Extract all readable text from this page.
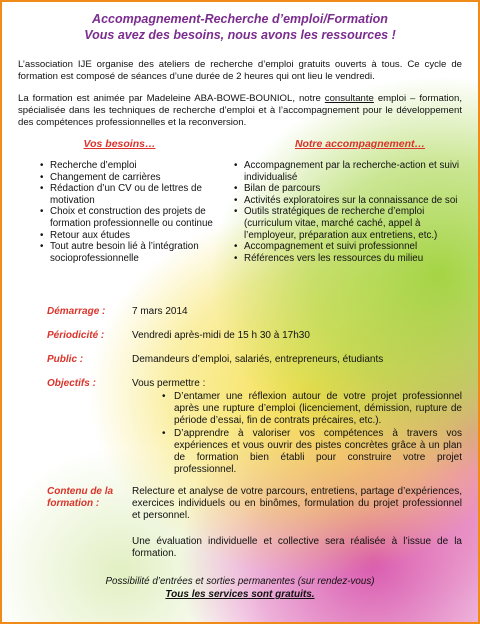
Accompagnement-Recherche d’emploi/Formation
Vous avez des besoins, nous avons les ressources !

L’association IJE organise des ateliers de recherche d’emploi gratuits ouverts à tous. Ce cycle de formation est composé de séances d’une durée de 2 heures qui ont lieu le vendredi.

La formation est animée par Madeleine ABA-BOWE-BOUNIOL, notre consultante emploi – formation, spécialisée dans les techniques de recherche d’emploi et à l’accompagnement pour le développement des compétences professionnelles et la reconversion.

Vos besoins…	Notre accompagnement…
• Recherche d’emploi
• Changement de carrières
• Rédaction d’un CV ou de lettres de motivation
• Choix et construction des projets de formation professionnelle ou continue
• Retour aux études
• Tout autre besoin lié à l’intégration socioprofessionnelle
• Accompagnement par la recherche-action et suivi individualisé
• Bilan de parcours
• Activités exploratoires sur la connaissance de soi
• Outils stratégiques de recherche d’emploi (curriculum vitae, marché caché, appel à l’employeur, préparation aux entretiens, etc.)
• Accompagnement et suivi professionnel
• Références vers les ressources du milieu
Démarrage :	7 mars 2014

Périodicité :	Vendredi après-midi de 15 h 30 à 17h30

Public :	Demandeurs d’emploi, salariés, entrepreneurs, étudiants

Objectifs :	Vous permettre :

• D’entamer une réflexion autour de votre projet professionnel après une rupture d’emploi (licenciement, démission, rupture de période d’essai, fin de contrats précaires, etc.).
• D’apprendre à valoriser vos compétences à travers vos expériences et vous ouvrir des pistes concrètes grâce à un plan de formation bien établi pour construire votre projet professionnel.
Contenu de la formation :

Relecture et analyse de votre parcours, entretiens, partage d’expériences, exercices individuels ou en binômes, formulation du projet professionnel et personnel.

Une évaluation individuelle et collective sera réalisée à l’issue de la formation.

Possibilité d’entrées et sorties permanentes (sur rendez-vous)
Tous les services sont gratuits.
